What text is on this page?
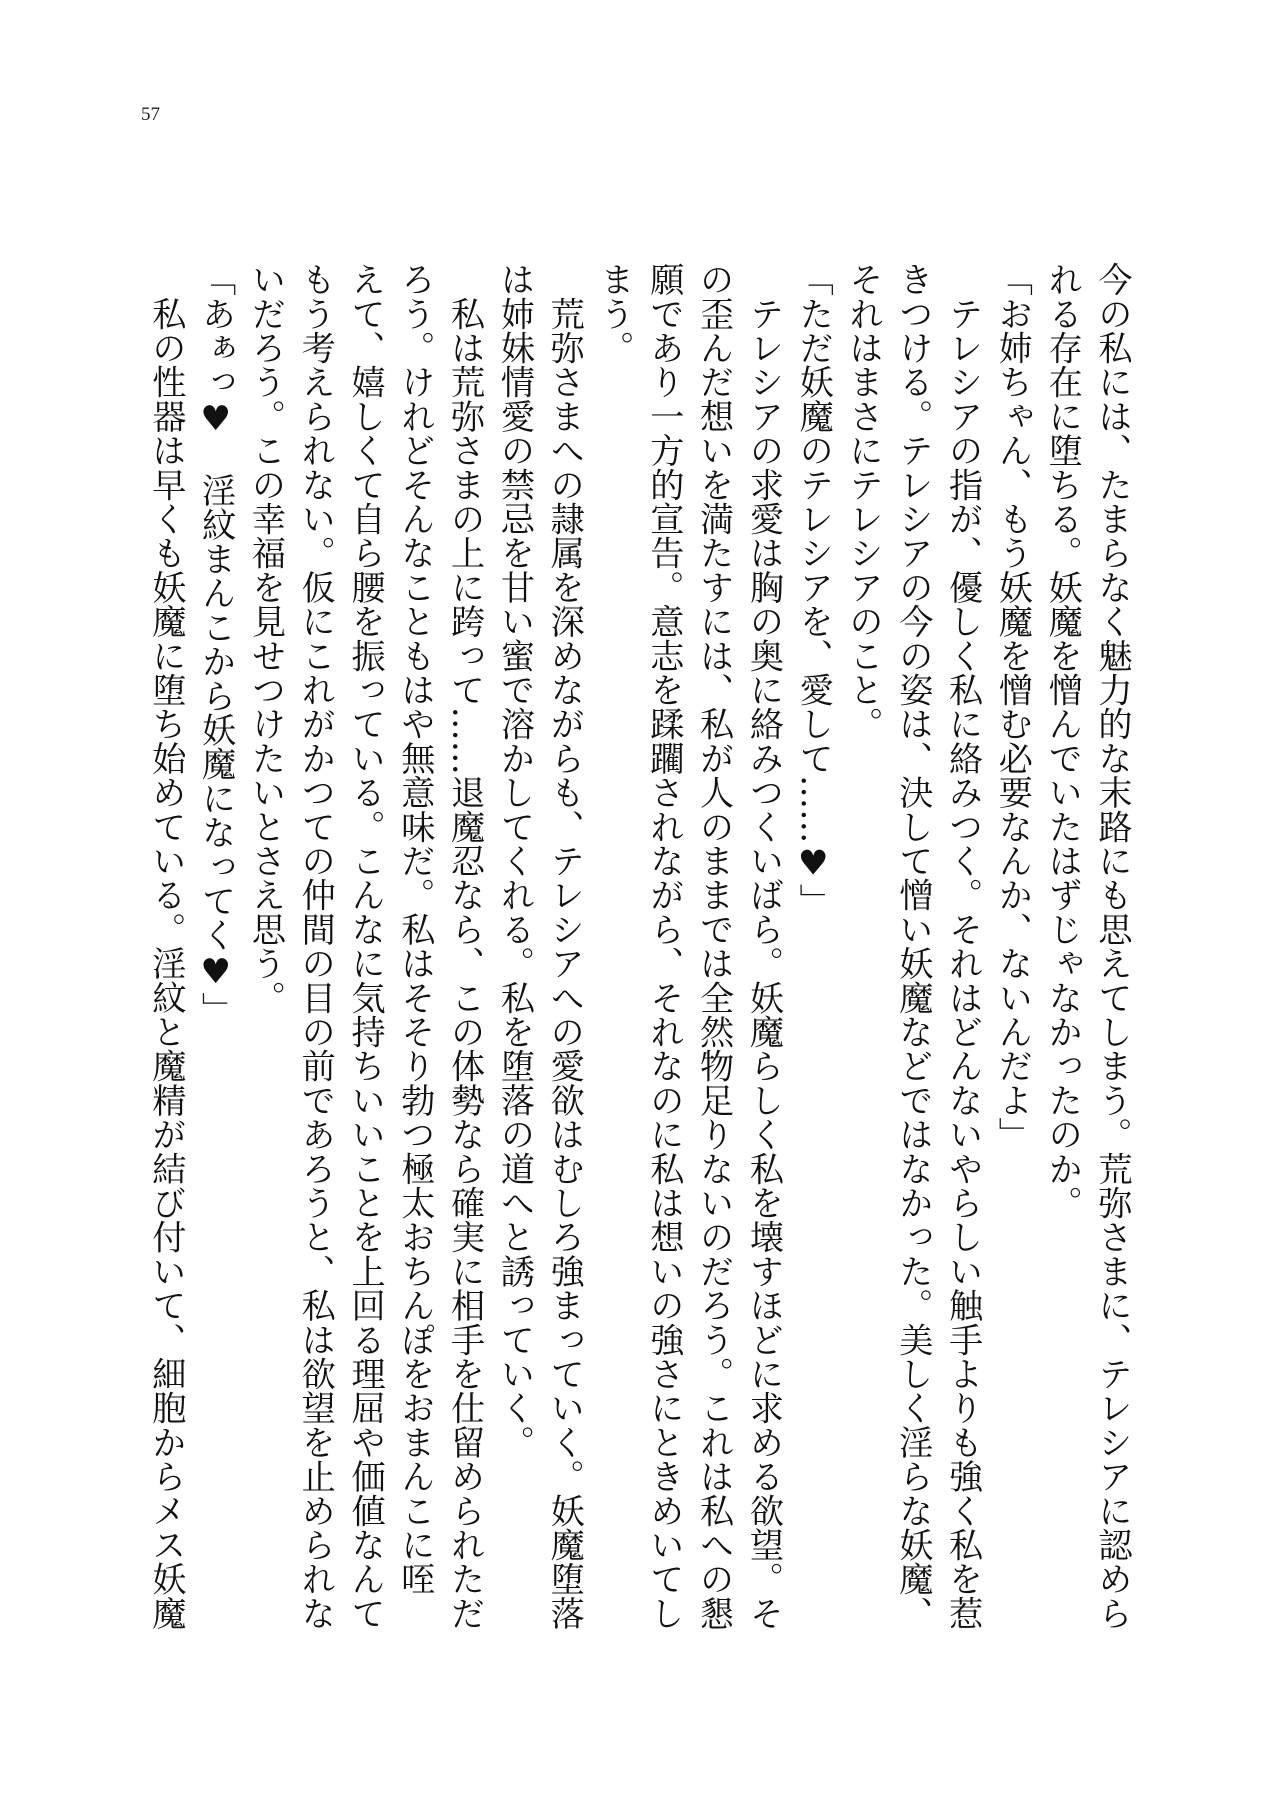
57
今の私には、たまらなく魅力的な末路にも思えてしまう。荒弥さまに、テレシアに認めら
れる存在に堕ちる。妖魔を憎んでいたはずじゃなかったのか。
「お姉ちゃん、もう妖魔を憎む必要なんか、ないんだよ」
　テレシアの指が、優しく私に絡みつく。それはどんないやらしい触手よりも強く私を惹
きつける。テレシアの今の姿は、決して憎い妖魔などではなかった。美しく淫らな妖魔、
それはまさにテレシアのこと。
「ただ妖魔のテレシアを、愛して……♥」
　テレシアの求愛は胸の奥に絡みつくいばら。妖魔らしく私を壊すほどに求める欲望。そ
の歪んだ想いを満たすには、私が人のままでは全然物足りないのだろう。これは私への懇
願であり一方的宣告。意志を蹂躙されながら、それなのに私は想いの強さにときめいてし
まう。
　荒弥さまへの隷属を深めながらも、テレシアへの愛欲はむしろ強まっていく。妖魔堕落
は姉妹情愛の禁忌を甘い蜜で溶かしてくれる。私を堕落の道へと誘っていく。
　私は荒弥さまの上に跨って……退魔忍なら、この体勢なら確実に相手を仕留められただ
ろう。けれどそんなこともはや無意味だ。私はそそり勃つ極太おちんぽをおまんこに咥
えて、嬉しくて自ら腰を振っている。こんなに気持ちいいことを上回る理屈や価値なんて
もう考えられない。仮にこれがかつての仲間の目の前であろうと、私は欲望を止められな
いだろう。この幸福を見せつけたいとさえ思う。
「あぁっ♥　淫紋まんこから妖魔になってく♥」
　私の性器は早くも妖魔に堕ち始めている。淫紋と魔精が結び付いて、細胞からメス妖魔
